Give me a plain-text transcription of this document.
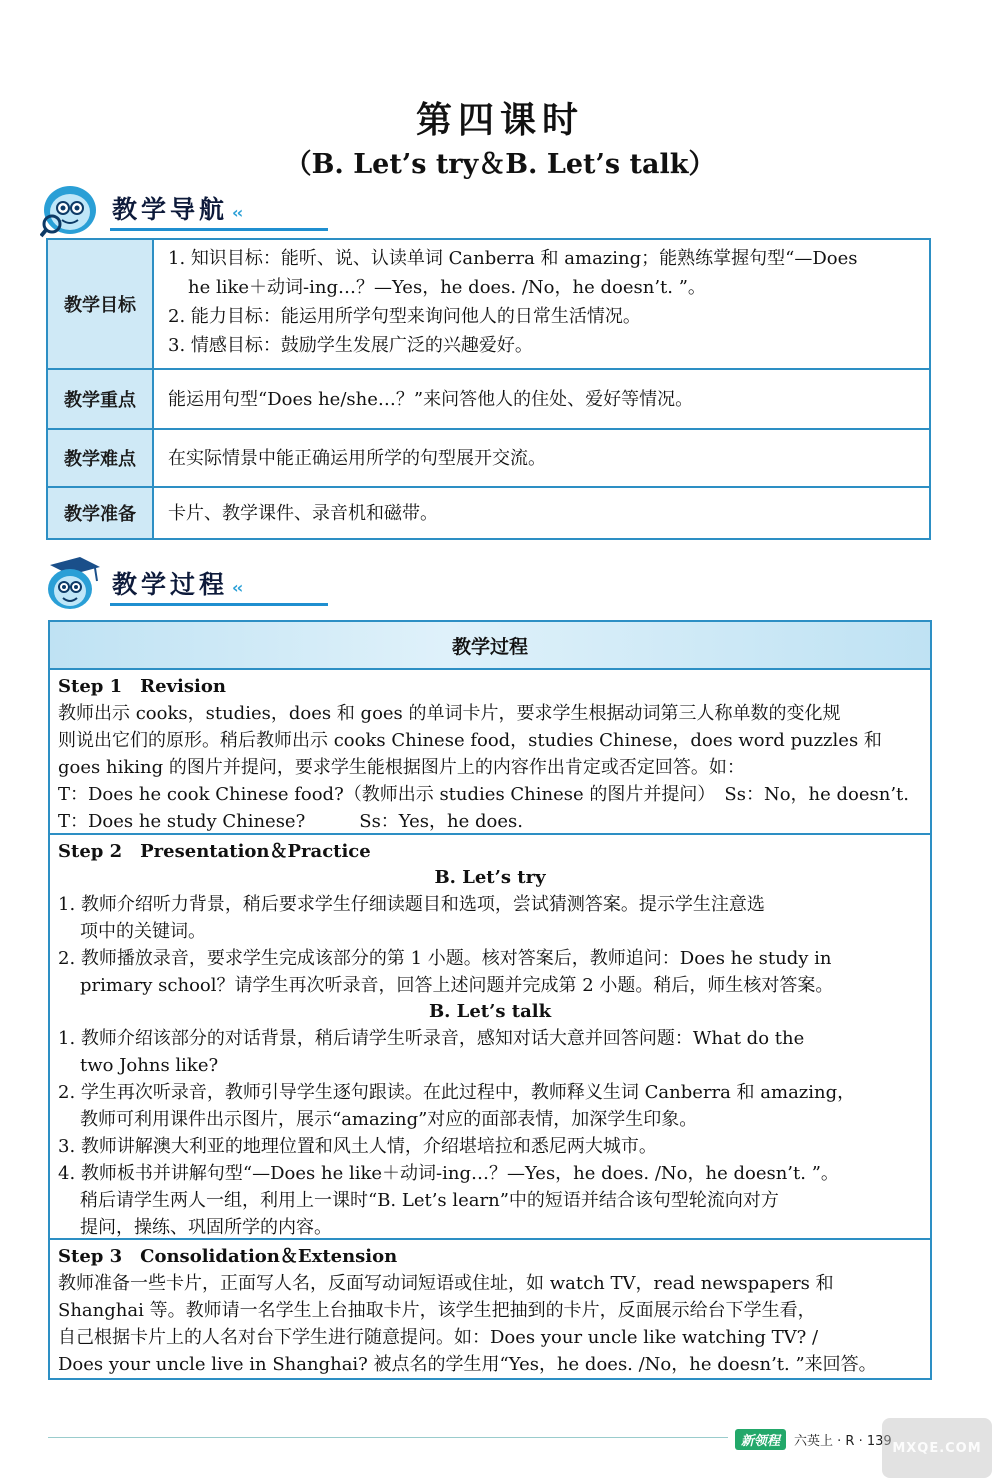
第四课时
（B. Let’s try＆B. Let’s talk）
教学导航 ‹‹
教学目标
1. 知识目标：能听、说、认读单词 Canberra 和 amazing；能熟练掌握句型“—Does
he like＋动词-ing…？—Yes，he does. /No，he doesn’t. ”。
2. 能力目标：能运用所学句型来询问他人的日常生活情况。
3. 情感目标：鼓励学生发展广泛的兴趣爱好。
教学重点	能运用句型“Does he/she…？”来问答他人的住处、爱好等情况。
教学难点	在实际情景中能正确运用所学的句型展开交流。
教学准备	卡片、教学课件、录音机和磁带。
教学过程 ‹‹
教学过程
Step 1　Revision

教师出示 cooks，studies，does 和 goes 的单词卡片，要求学生根据动词第三人称单数的变化规

则说出它们的原形。稍后教师出示 cooks Chinese food，studies Chinese，does word puzzles 和

goes hiking 的图片并提问，要求学生能根据图片上的内容作出肯定或否定回答。如：

T：Does he cook Chinese food?（教师出示 studies Chinese 的图片并提问）　Ss：No，he doesn’t.

T：Does he study Chinese?　　　Ss：Yes，he does.

Step 2　Presentation＆Practice
B. Let’s try

1. 教师介绍听力背景，稍后要求学生仔细读题目和选项，尝试猜测答案。提示学生注意选

项中的关键词。

2. 教师播放录音，要求学生完成该部分的第 1 小题。核对答案后，教师追问：Does he study in

primary school？请学生再次听录音，回答上述问题并完成第 2 小题。稍后，师生核对答案。

B. Let’s talk

1. 教师介绍该部分的对话背景，稍后请学生听录音，感知对话大意并回答问题：What do the

two Johns like?

2. 学生再次听录音，教师引导学生逐句跟读。在此过程中，教师释义生词 Canberra 和 amazing，

教师可利用课件出示图片，展示“amazing”对应的面部表情，加深学生印象。

3. 教师讲解澳大利亚的地理位置和风土人情，介绍堪培拉和悉尼两大城市。

4. 教师板书并讲解句型“—Does he like＋动词-ing…？—Yes，he does. /No，he doesn’t. ”。

稍后请学生两人一组，利用上一课时“B. Let’s learn”中的短语并结合该句型轮流向对方

提问，操练、巩固所学的内容。

Step 3　Consolidation＆Extension

教师准备一些卡片，正面写人名，反面写动词短语或住址，如 watch TV，read newspapers 和

Shanghai 等。教师请一名学生上台抽取卡片，该学生把抽到的卡片，反面展示给台下学生看，

自己根据卡片上的人名对台下学生进行随意提问。如：Does your uncle like watching TV? /

Does your uncle live in Shanghai? 被点名的学生用“Yes，he does. /No，he doesn’t. ”来回答。

新领程	六英上 · R · 139 MXQE.COM
